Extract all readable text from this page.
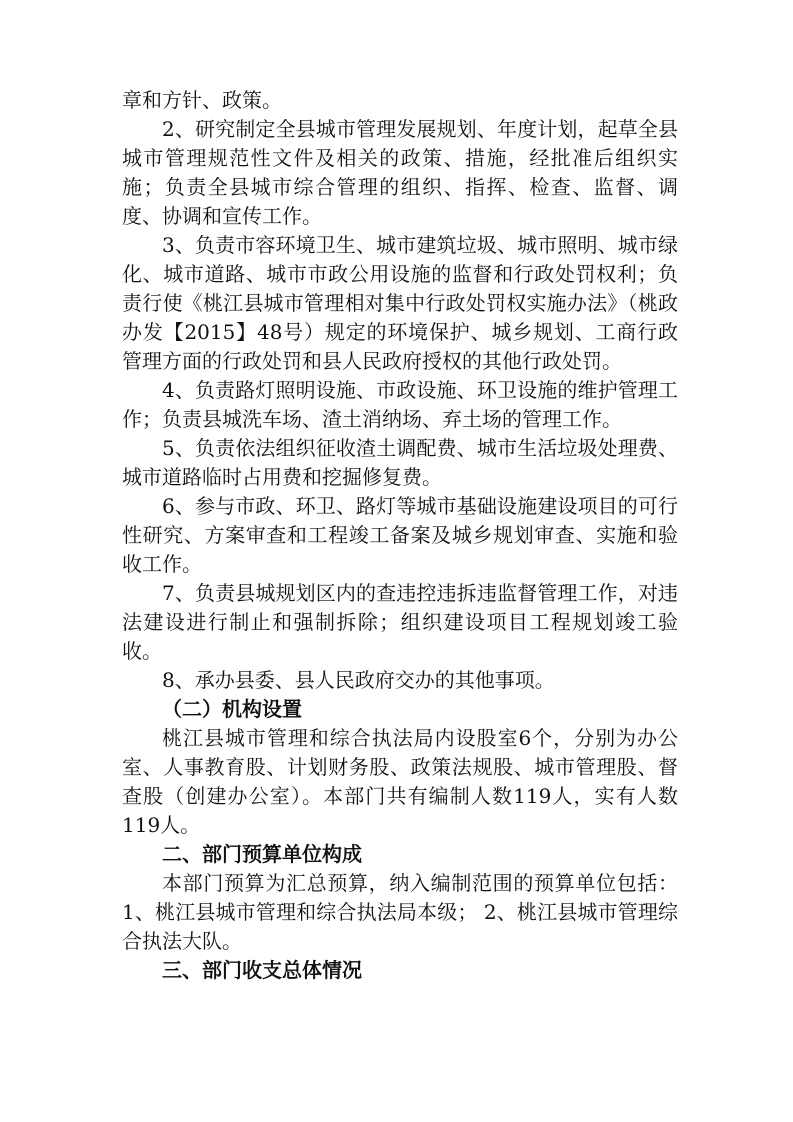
章和方针、政策。

2、研究制定全县城市管理发展规划、年度计划，起草全县城市管理规范性文件及相关的政策、措施，经批准后组织实施；负责全县城市综合管理的组织、指挥、检查、监督、调度、协调和宣传工作。

3、负责市容环境卫生、城市建筑垃圾、城市照明、城市绿化、城市道路、城市市政公用设施的监督和行政处罚权利；负责行使《桃江县城市管理相对集中行政处罚权实施办法》（桃政办发【2015】48号）规定的环境保护、城乡规划、工商行政管理方面的行政处罚和县人民政府授权的其他行政处罚。

4、负责路灯照明设施、市政设施、环卫设施的维护管理工作；负责县城洗车场、渣土消纳场、弃土场的管理工作。

5、负责依法组织征收渣土调配费、城市生活垃圾处理费、城市道路临时占用费和挖掘修复费。

6、参与市政、环卫、路灯等城市基础设施建设项目的可行性研究、方案审查和工程竣工备案及城乡规划审查、实施和验收工作。

7、负责县城规划区内的查违控违拆违监督管理工作，对违法建设进行制止和强制拆除；组织建设项目工程规划竣工验收。

8、承办县委、县人民政府交办的其他事项。

（二）机构设置

桃江县城市管理和综合执法局内设股室6个，分别为办公室、人事教育股、计划财务股、政策法规股、城市管理股、督查股（创建办公室）。本部门共有编制人数119人，实有人数119人。

二、部门预算单位构成

本部门预算为汇总预算，纳入编制范围的预算单位包括：1、桃江县城市管理和综合执法局本级； 2、桃江县城市管理综合执法大队。

三、部门收支总体情况
